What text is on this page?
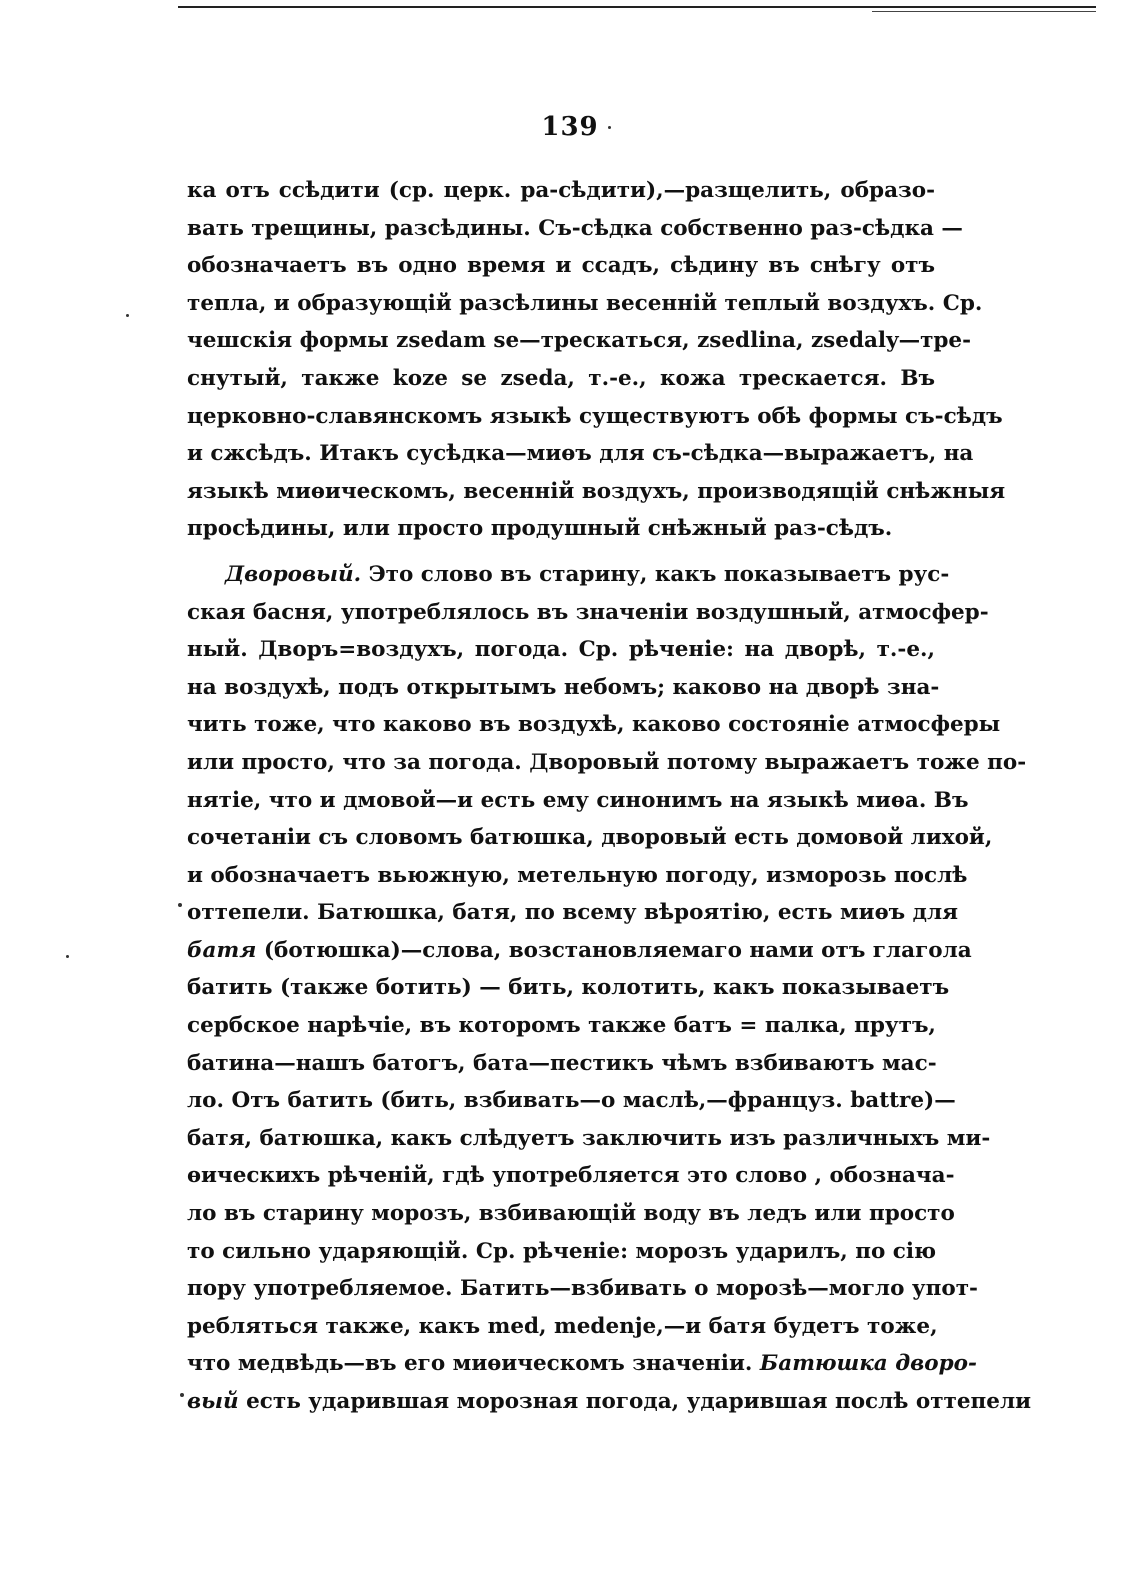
139
ка отъ ссѣдити (ср. церк. ра-сѣдити),—разщелить, образо-
вать трещины, разсѣдины. Съ-сѣдка собственно раз-сѣдка —
обозначаетъ въ одно время и ссадъ, сѣдину въ снѣгу отъ
тепла, и образующій разсѣлины весенній теплый воздухъ. Ср.
чешскія формы zsedam se—трескаться, zsedlina, zsedaly—тре-
снутый, также koze se zseda, т.-е., кожа трескается. Въ
церковно-славянскомъ языкѣ существуютъ обѣ формы съ-сѣдъ
и сжсѣдъ. Итакъ сусѣдка—миѳъ для съ-сѣдка—выражаетъ, на
языкѣ миѳическомъ, весенній воздухъ, производящій снѣжныя
просѣдины, или просто продушный снѣжный раз-сѣдъ.
Дворовый. Это слово въ старину, какъ показываетъ рус-
ская басня, употреблялось въ значеніи воздушный, атмосфер-
ный. Дворъ=воздухъ, погода. Ср. рѣченіе: на дворѣ, т.-е.,
на воздухѣ, подъ открытымъ небомъ; каково на дворѣ зна-
чить тоже, что каково въ воздухѣ, каково состояніе атмосферы
или просто, что за погода. Дворовый потому выражаетъ тоже по-
нятіе, что и дмовой—и есть ему синонимъ на языкѣ миѳа. Въ
сочетаніи съ словомъ батюшка, дворовый есть домовой лихой,
и обозначаетъ вьюжную, метельную погоду, изморозь послѣ
оттепели. Батюшка, батя, по всему вѣроятію, есть миѳъ для
батя (ботюшка)—слова, возстановляемаго нами отъ глагола
батить (также ботить) — бить, колотить, какъ показываетъ
сербское нарѣчіе, въ которомъ также батъ = палка, прутъ,
батина—нашъ батогъ, бата—пестикъ чѣмъ взбиваютъ мас-
ло. Отъ батить (бить, взбивать—о маслѣ,—француз. battre)—
батя, батюшка, какъ слѣдуетъ заключить изъ различныхъ ми-
ѳическихъ рѣченій, гдѣ употребляется это слово , обознача-
ло въ старину морозъ, взбивающій воду въ ледъ или просто
то сильно ударяющій. Ср. рѣченіе: морозъ ударилъ, по сію
пору употребляемое. Батить—взбивать о морозѣ—могло упот-
ребляться также, какъ med, medenje,—и батя будетъ тоже,
что медвѣдь—въ его миѳическомъ значеніи. Батюшка дворо-
вый есть ударившая морозная погода, ударившая послѣ оттепели
